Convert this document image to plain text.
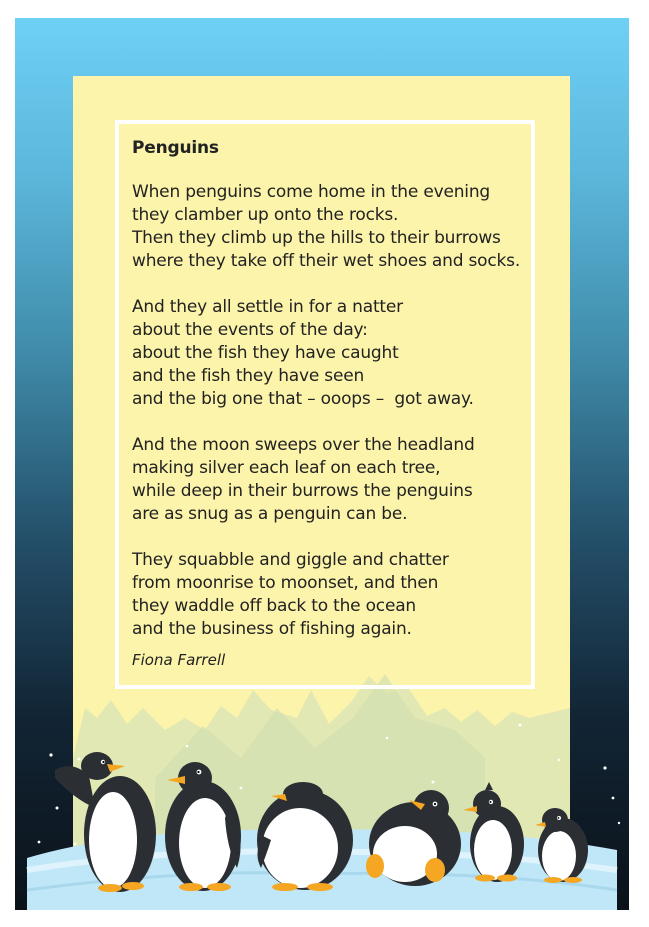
Penguins
When penguins come home in the evening
they clamber up onto the rocks.
Then they climb up the hills to their burrows
where they take off their wet shoes and socks.
And they all settle in for a natter
about the events of the day:
about the fish they have caught
and the fish they have seen
and the big one that – ooops –  got away.
And the moon sweeps over the headland
making silver each leaf on each tree,
while deep in their burrows the penguins
are as snug as a penguin can be.
They squabble and giggle and chatter
from moonrise to moonset, and then
they waddle off back to the ocean
and the business of fishing again.
Fiona Farrell
